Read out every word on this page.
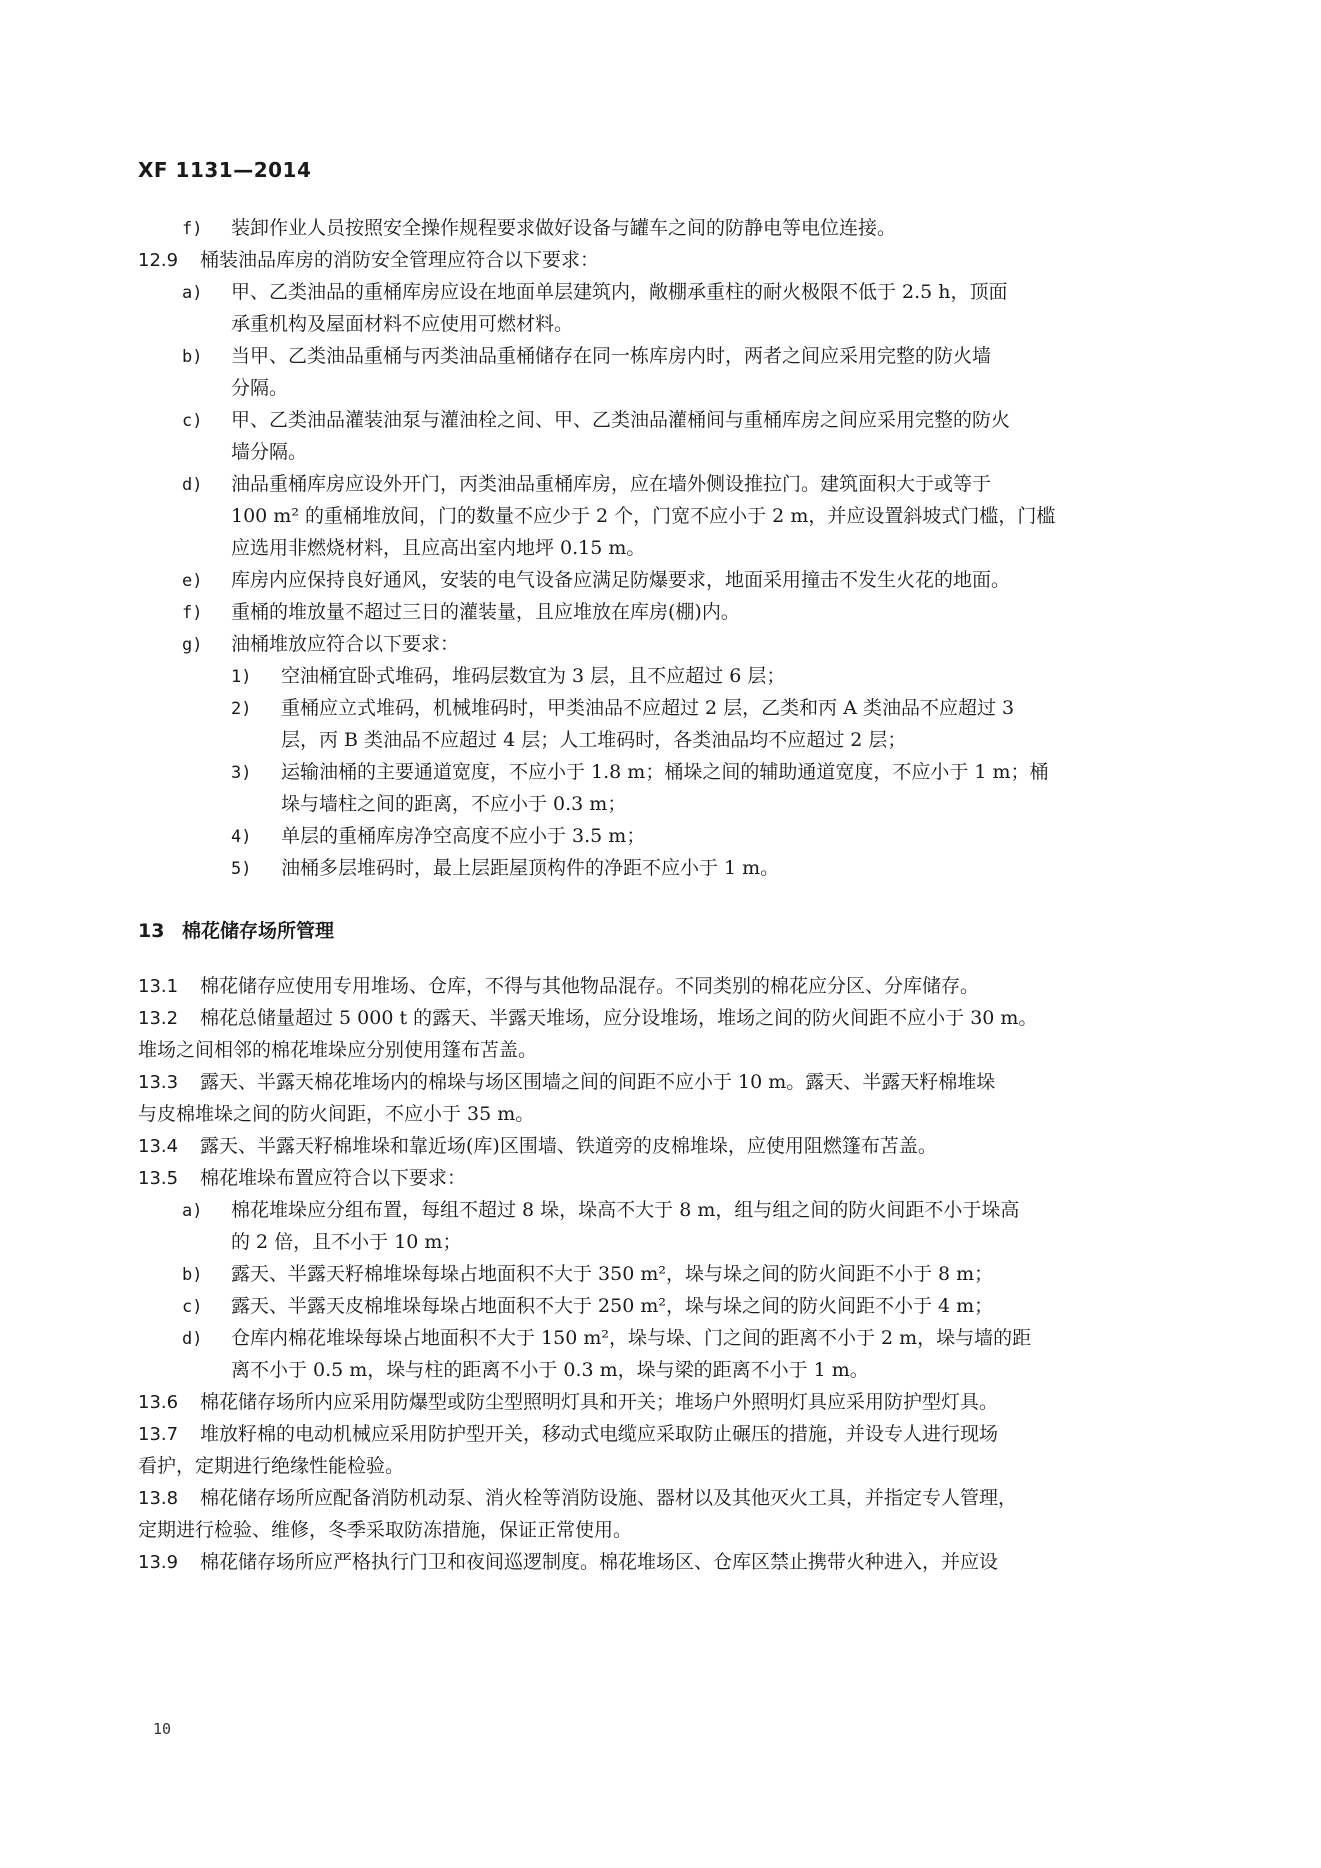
XF 1131—2014
f) 装卸作业人员按照安全操作规程要求做好设备与罐车之间的防静电等电位连接。
12.9 桶装油品库房的消防安全管理应符合以下要求：
a) 甲、乙类油品的重桶库房应设在地面单层建筑内，敞棚承重柱的耐火极限不低于 2.5 h，顶面
承重机构及屋面材料不应使用可燃材料。
b) 当甲、乙类油品重桶与丙类油品重桶储存在同一栋库房内时，两者之间应采用完整的防火墙
分隔。
c) 甲、乙类油品灌装油泵与灌油栓之间、甲、乙类油品灌桶间与重桶库房之间应采用完整的防火
墙分隔。
d) 油品重桶库房应设外开门，丙类油品重桶库房，应在墙外侧设推拉门。建筑面积大于或等于
100 m² 的重桶堆放间，门的数量不应少于 2 个，门宽不应小于 2 m，并应设置斜坡式门槛，门槛
应选用非燃烧材料，且应高出室内地坪 0.15 m。
e) 库房内应保持良好通风，安装的电气设备应满足防爆要求，地面采用撞击不发生火花的地面。
f) 重桶的堆放量不超过三日的灌装量，且应堆放在库房(棚)内。
g) 油桶堆放应符合以下要求：
1) 空油桶宜卧式堆码，堆码层数宜为 3 层，且不应超过 6 层；
2) 重桶应立式堆码，机械堆码时，甲类油品不应超过 2 层，乙类和丙 A 类油品不应超过 3
层，丙 B 类油品不应超过 4 层；人工堆码时，各类油品均不应超过 2 层；
3) 运输油桶的主要通道宽度，不应小于 1.8 m；桶垛之间的辅助通道宽度，不应小于 1 m；桶
垛与墙柱之间的距离，不应小于 0.3 m；
4) 单层的重桶库房净空高度不应小于 3.5 m；
5) 油桶多层堆码时，最上层距屋顶构件的净距不应小于 1 m。
13 棉花储存场所管理
13.1 棉花储存应使用专用堆场、仓库，不得与其他物品混存。不同类别的棉花应分区、分库储存。
13.2 棉花总储量超过 5 000 t 的露天、半露天堆场，应分设堆场，堆场之间的防火间距不应小于 30 m。
堆场之间相邻的棉花堆垛应分别使用篷布苫盖。
13.3 露天、半露天棉花堆场内的棉垛与场区围墙之间的间距不应小于 10 m。露天、半露天籽棉堆垛
与皮棉堆垛之间的防火间距，不应小于 35 m。
13.4 露天、半露天籽棉堆垛和靠近场(库)区围墙、铁道旁的皮棉堆垛，应使用阻燃篷布苫盖。
13.5 棉花堆垛布置应符合以下要求：
a) 棉花堆垛应分组布置，每组不超过 8 垛，垛高不大于 8 m，组与组之间的防火间距不小于垛高
的 2 倍，且不小于 10 m；
b) 露天、半露天籽棉堆垛每垛占地面积不大于 350 m²，垛与垛之间的防火间距不小于 8 m；
c) 露天、半露天皮棉堆垛每垛占地面积不大于 250 m²，垛与垛之间的防火间距不小于 4 m；
d) 仓库内棉花堆垛每垛占地面积不大于 150 m²，垛与垛、门之间的距离不小于 2 m，垛与墙的距
离不小于 0.5 m，垛与柱的距离不小于 0.3 m，垛与梁的距离不小于 1 m。
13.6 棉花储存场所内应采用防爆型或防尘型照明灯具和开关；堆场户外照明灯具应采用防护型灯具。
13.7 堆放籽棉的电动机械应采用防护型开关，移动式电缆应采取防止碾压的措施，并设专人进行现场
看护，定期进行绝缘性能检验。
13.8 棉花储存场所应配备消防机动泵、消火栓等消防设施、器材以及其他灭火工具，并指定专人管理，
定期进行检验、维修，冬季采取防冻措施，保证正常使用。
13.9 棉花储存场所应严格执行门卫和夜间巡逻制度。棉花堆场区、仓库区禁止携带火种进入，并应设
10
